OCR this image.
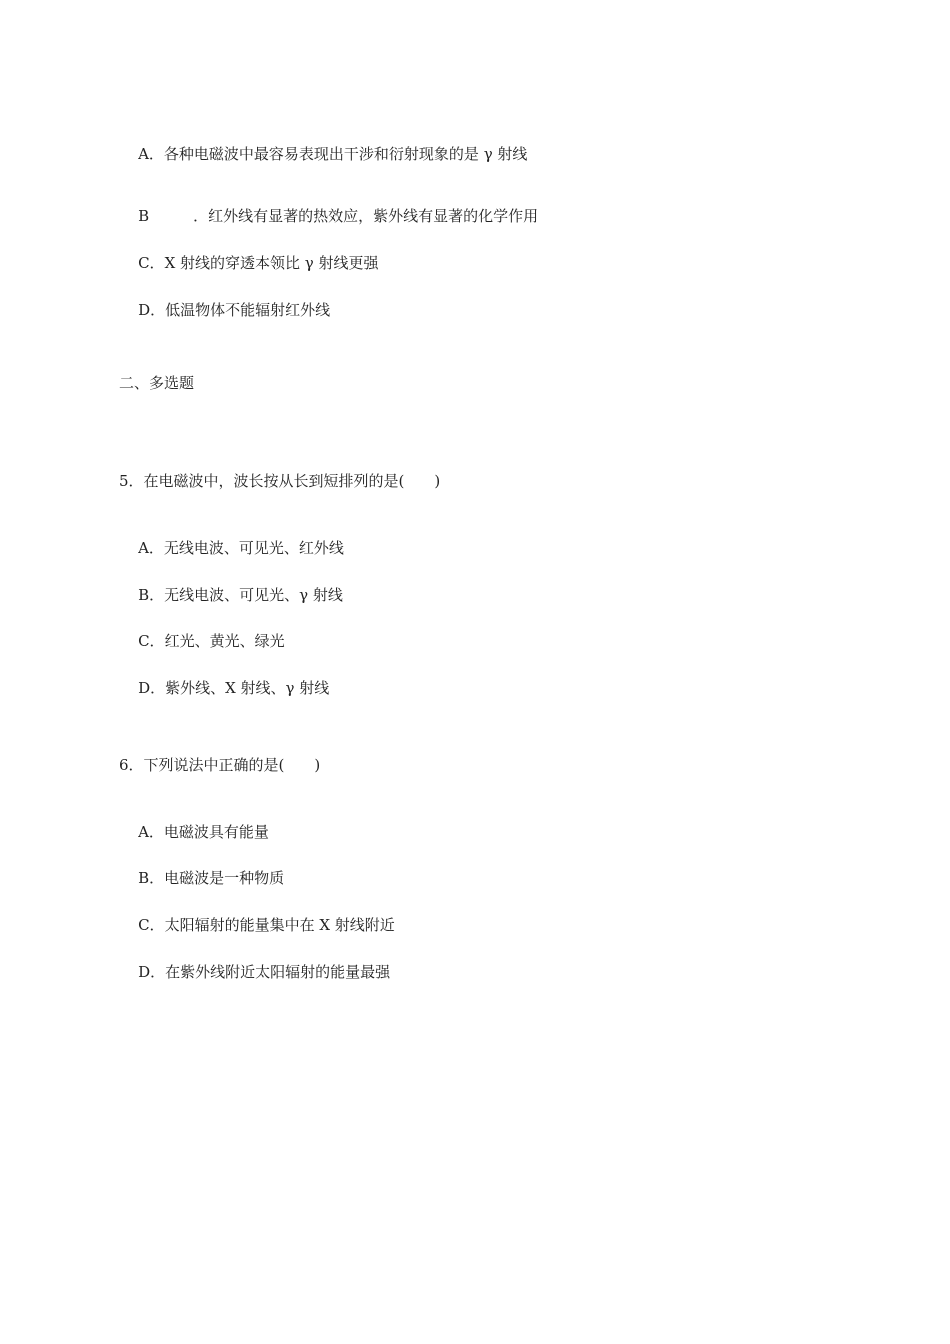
A．各种电磁波中最容易表现出干涉和衍射现象的是 γ 射线

B	．红外线有显著的热效应，紫外线有显著的化学作用

C．X 射线的穿透本领比 γ 射线更强

D．低温物体不能辐射红外线

二、多选题
5．在电磁波中，波长按从长到短排列的是(　　)

A．无线电波、可见光、红外线

B．无线电波、可见光、γ 射线

C．红光、黄光、绿光

D．紫外线、X 射线、γ 射线

6．下列说法中正确的是(　　)

A．电磁波具有能量

B．电磁波是一种物质

C．太阳辐射的能量集中在 X 射线附近

D．在紫外线附近太阳辐射的能量最强
